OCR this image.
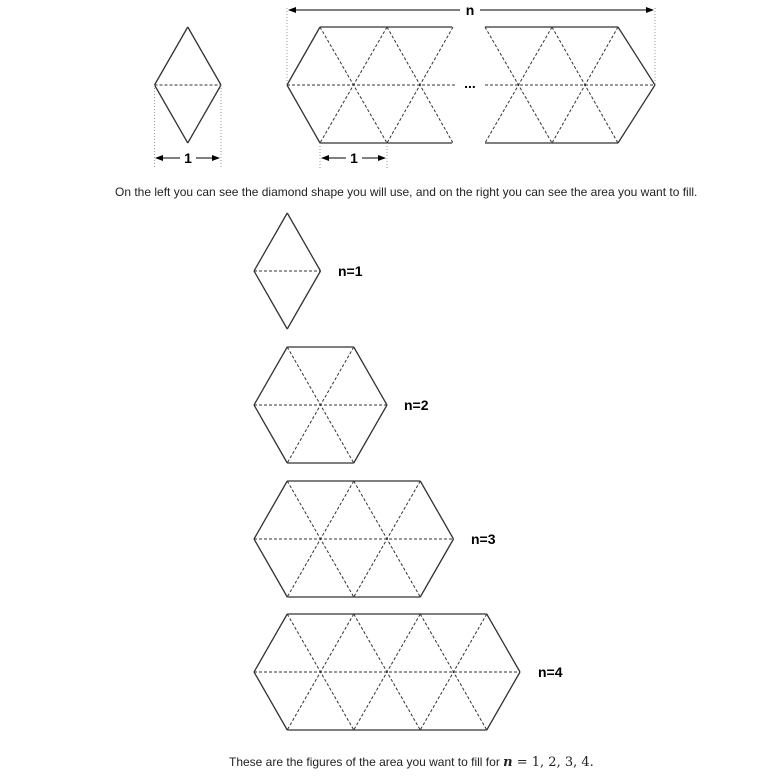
n
1	1
...
n=1
n=2
n=3
n=4
On the left you can see the diamond shape you will use, and on the right you can see the area you want to fill.
These are the figures of the area you want to fill for n = 1, 2, 3, 4.
